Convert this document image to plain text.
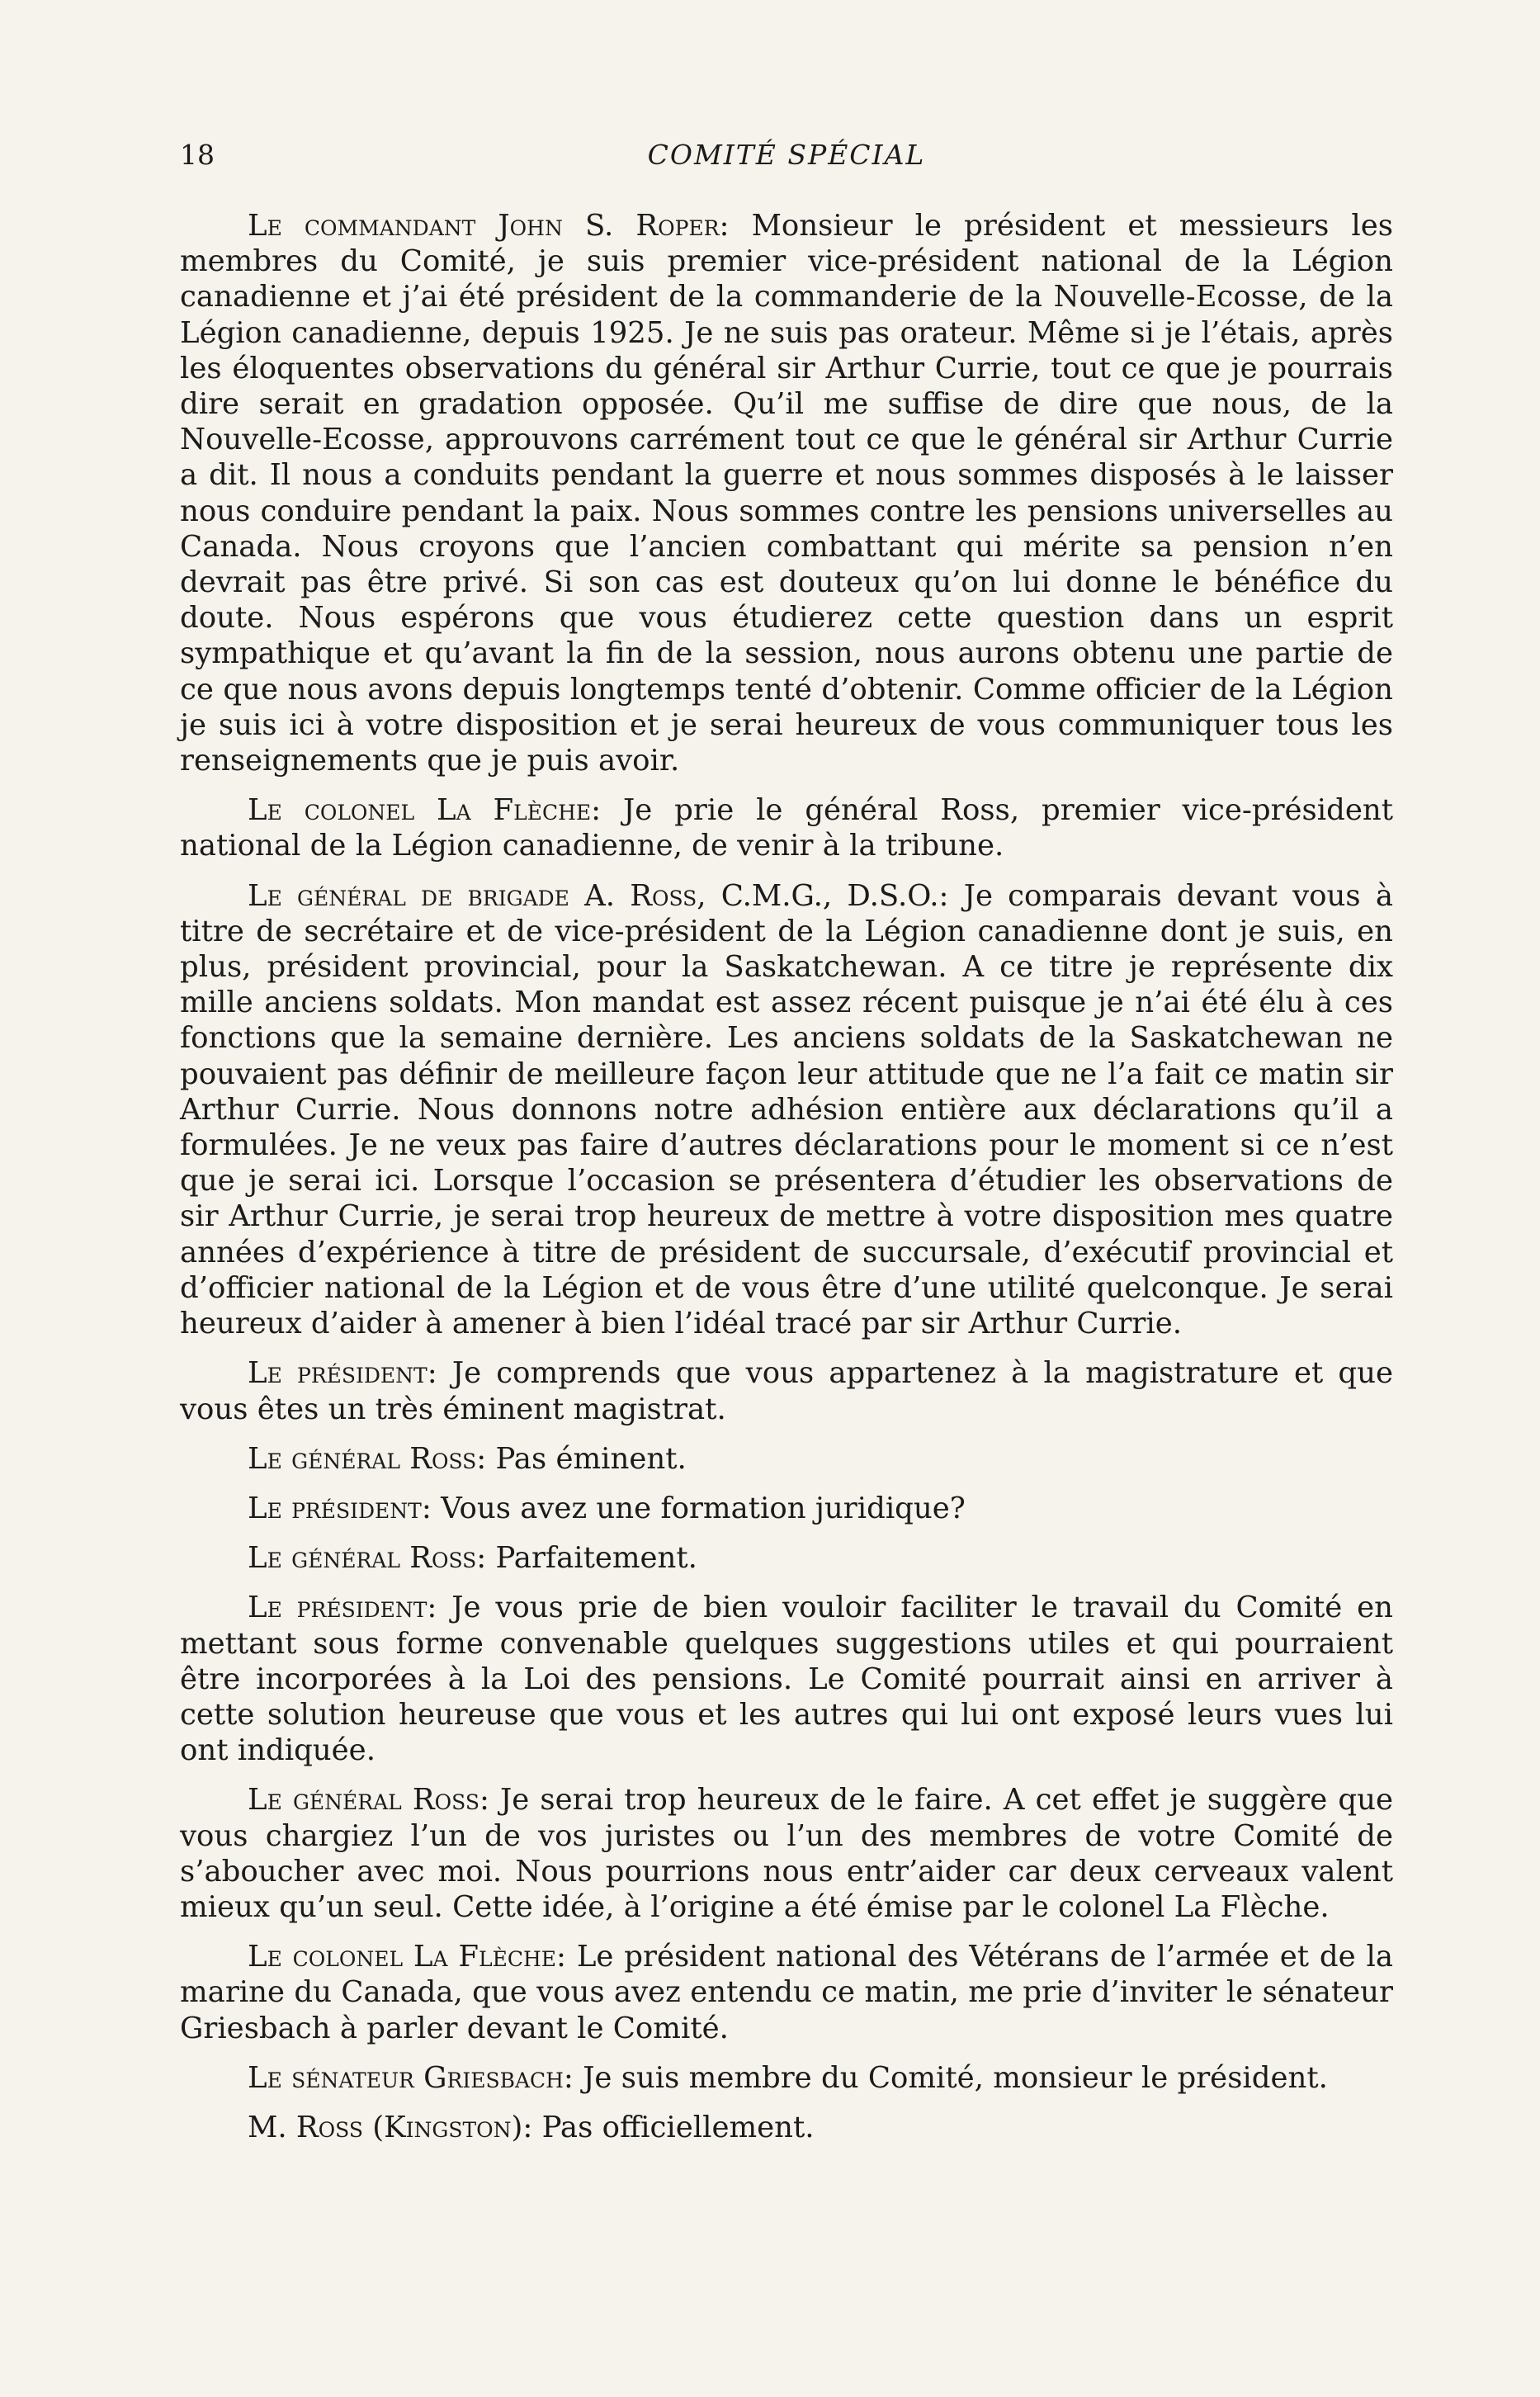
18	COMITÉ SPÉCIAL

Le commandant John S. Roper: Monsieur le président et messieurs les membres du Comité, je suis premier vice-président national de la Légion canadienne et j’ai été président de la commanderie de la Nouvelle-Ecosse, de la Légion canadienne, depuis 1925. Je ne suis pas orateur. Même si je l’étais, après les éloquentes observations du général sir Arthur Currie, tout ce que je pourrais dire serait en gradation opposée. Qu’il me suffise de dire que nous, de la Nouvelle-Ecosse, approuvons carrément tout ce que le général sir Arthur Currie a dit. Il nous a conduits pendant la guerre et nous sommes disposés à le laisser nous conduire pendant la paix. Nous sommes contre les pensions universelles au Canada. Nous croyons que l’ancien combattant qui mérite sa pension n’en devrait pas être privé. Si son cas est douteux qu’on lui donne le bénéfice du doute. Nous espérons que vous étudierez cette question dans un esprit sympathique et qu’avant la fin de la session, nous aurons obtenu une partie de ce que nous avons depuis longtemps tenté d’obtenir. Comme officier de la Légion je suis ici à votre disposition et je serai heureux de vous communiquer tous les renseignements que je puis avoir.

Le colonel La Flèche: Je prie le général Ross, premier vice-président national de la Légion canadienne, de venir à la tribune.

Le général de brigade A. Ross, C.M.G., D.S.O.: Je comparais devant vous à titre de secrétaire et de vice-président de la Légion canadienne dont je suis, en plus, président provincial, pour la Saskatchewan. A ce titre je représente dix mille anciens soldats. Mon mandat est assez récent puisque je n’ai été élu à ces fonctions que la semaine dernière. Les anciens soldats de la Saskatchewan ne pouvaient pas définir de meilleure façon leur attitude que ne l’a fait ce matin sir Arthur Currie. Nous donnons notre adhésion entière aux déclarations qu’il a formulées. Je ne veux pas faire d’autres déclarations pour le moment si ce n’est que je serai ici. Lorsque l’occasion se présentera d’étudier les observations de sir Arthur Currie, je serai trop heureux de mettre à votre disposition mes quatre années d’expérience à titre de président de succursale, d’exécutif provincial et d’officier national de la Légion et de vous être d’une utilité quelconque. Je serai heureux d’aider à amener à bien l’idéal tracé par sir Arthur Currie.

Le président: Je comprends que vous appartenez à la magistrature et que vous êtes un très éminent magistrat.

Le général Ross: Pas éminent.

Le président: Vous avez une formation juridique?

Le général Ross: Parfaitement.

Le président: Je vous prie de bien vouloir faciliter le travail du Comité en mettant sous forme convenable quelques suggestions utiles et qui pourraient être incorporées à la Loi des pensions. Le Comité pourrait ainsi en arriver à cette solution heureuse que vous et les autres qui lui ont exposé leurs vues lui ont indiquée.

Le général Ross: Je serai trop heureux de le faire. A cet effet je suggère que vous chargiez l’un de vos juristes ou l’un des membres de votre Comité de s’aboucher avec moi. Nous pourrions nous entr’aider car deux cerveaux valent mieux qu’un seul. Cette idée, à l’origine a été émise par le colonel La Flèche.

Le colonel La Flèche: Le président national des Vétérans de l’armée et de la marine du Canada, que vous avez entendu ce matin, me prie d’inviter le sénateur Griesbach à parler devant le Comité.

Le sénateur Griesbach: Je suis membre du Comité, monsieur le président.

M. Ross (Kingston): Pas officiellement.
